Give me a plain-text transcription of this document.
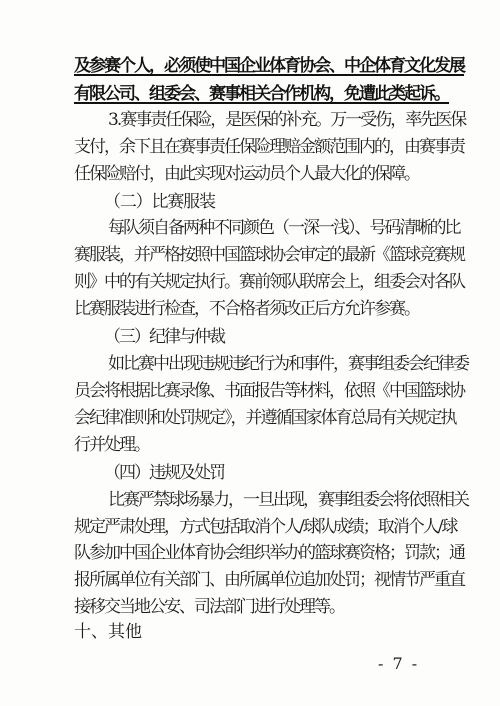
及参赛个人，必须使中国企业体育协会、中企体育文化发展
有限公司、组委会、赛事相关合作机构，免遭此类起诉。
3.赛事责任保险，是医保的补充。万一受伤，率先医保
支付，余下且在赛事责任保险理赔金额范围内的，由赛事责
任保险赔付，由此实现对运动员个人最大化的保障。
（二）比赛服装
每队须自备两种不同颜色（一深一浅）、号码清晰的比
赛服装，并严格按照中国篮球协会审定的最新《篮球竞赛规
则》中的有关规定执行。赛前领队联席会上，组委会对各队
比赛服装进行检查，不合格者须改正后方允许参赛。
（三）纪律与仲裁
如比赛中出现违规违纪行为和事件，赛事组委会纪律委
员会将根据比赛录像、书面报告等材料，依照《中国篮球协
会纪律准则和处罚规定》，并遵循国家体育总局有关规定执
行并处理。
（四）违规及处罚
比赛严禁球场暴力，一旦出现，赛事组委会将依照相关
规定严肃处理，方式包括取消个人/球队成绩；取消个人/球
队参加中国企业体育协会组织举办的篮球赛资格；罚款；通
报所属单位有关部门、由所属单位追加处罚；视情节严重直
接移交当地公安、司法部门进行处理等。
十、其他
- 7 -
